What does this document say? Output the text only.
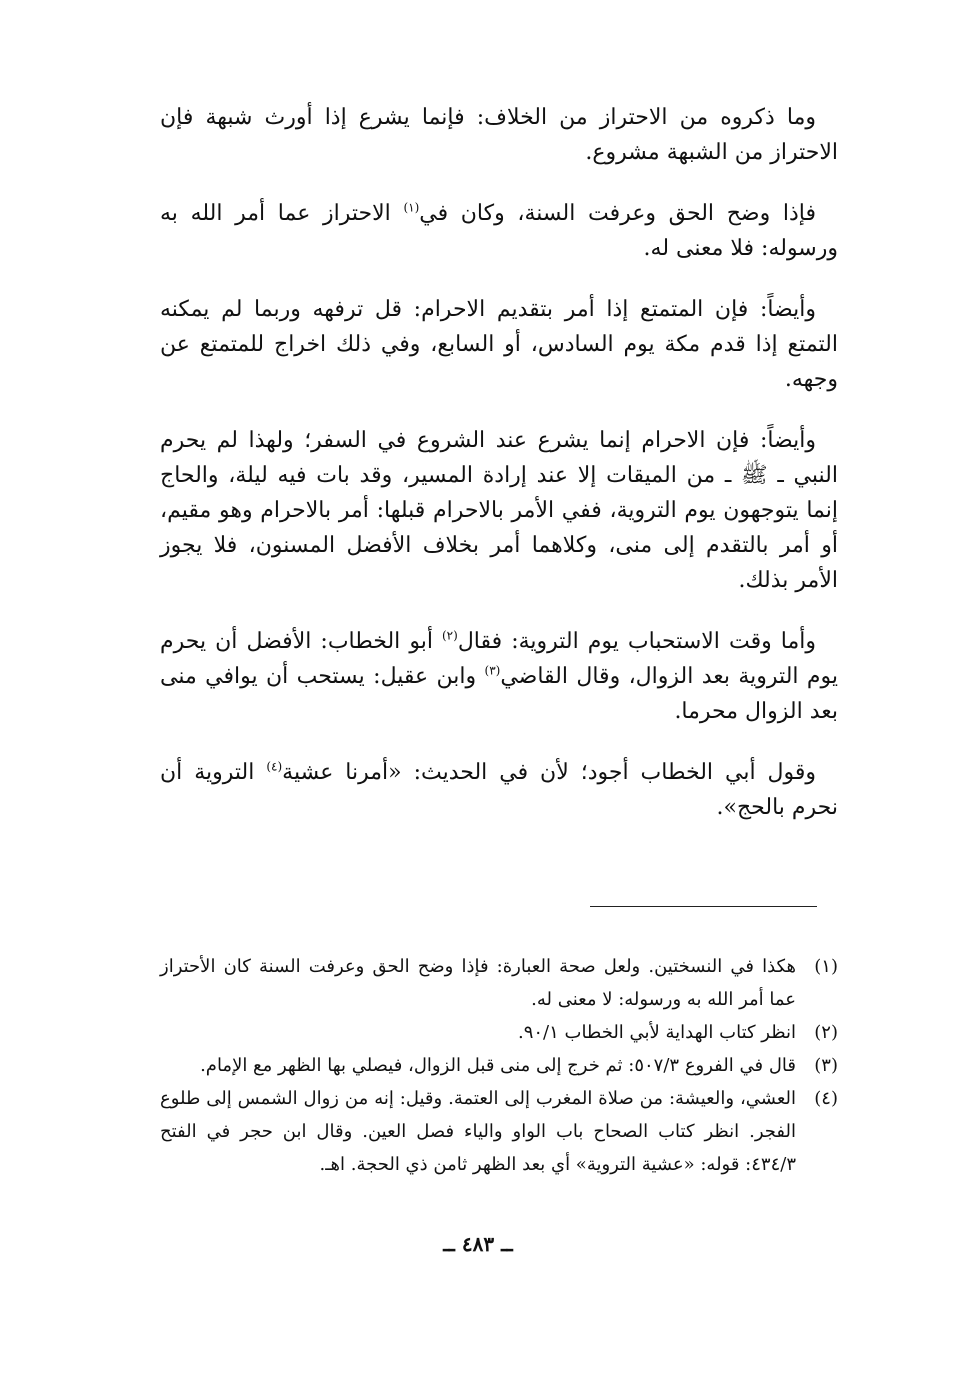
وما ذكروه من الاحتراز من الخلاف: فإنما يشرع إذا أورث شبهة فإن الاحتراز من الشبهة مشروع.

فإذا وضح الحق وعرفت السنة، وكان في$^{(١)}$ الاحتراز عما أمر الله به ورسوله: فلا معنى له.

وأيضاً: فإن المتمتع إذا أمر بتقديم الاحرام: قل ترفهه وربما لم يمكنه التمتع إذا قدم مكة يوم السادس، أو السابع، وفي ذلك اخراج للمتمتع عن وجهه.

وأيضاً: فإن الاحرام إنما يشرع عند الشروع في السفر؛ ولهذا لم يحرم النبي ـ ﷺ ـ من الميقات إلا عند إرادة المسير، وقد بات فيه ليلة، والحاج إنما يتوجهون يوم التروية، ففي الأمر بالاحرام قبلها: أمر بالاحرام وهو مقيم، أو أمر بالتقدم إلى منى، وكلاهما أمر بخلاف الأفضل المسنون، فلا يجوز الأمر بذلك.

وأما وقت الاستحباب يوم التروية: فقال$^{(٢)}$ أبو الخطاب: الأفضل أن يحرم يوم التروية بعد الزوال، وقال القاضي$^{(٣)}$ وابن عقيل: يستحب أن يوافي منى بعد الزوال محرما.

وقول أبي الخطاب أجود؛ لأن في الحديث: «أمرنا عشية$^{(٤)}$ التروية أن نحرم بالحج».

(١)
هكذا في النسختين. ولعل صحة العبارة: فإذا وضح الحق وعرفت السنة كان الأحتراز عما أمر الله به ورسوله: لا معنى له.
(٢)
انظر كتاب الهداية لأبي الخطاب ٩٠/١.
(٣)
قال في الفروع ٥٠٧/٣: ثم خرج إلى منى قبل الزوال، فيصلي بها الظهر مع الإمام.
(٤)
العشي، والعيشة: من صلاة المغرب إلى العتمة. وقيل: إنه من زوال الشمس إلى طلوع الفجر. انظر كتاب الصحاح باب الواو والياء فصل العين. وقال ابن حجر في الفتح ٤٣٤/٣: قوله: «عشية التروية» أي بعد الظهر ثامن ذي الحجة. اهـ.
ــ ٤٨٣ ــ
